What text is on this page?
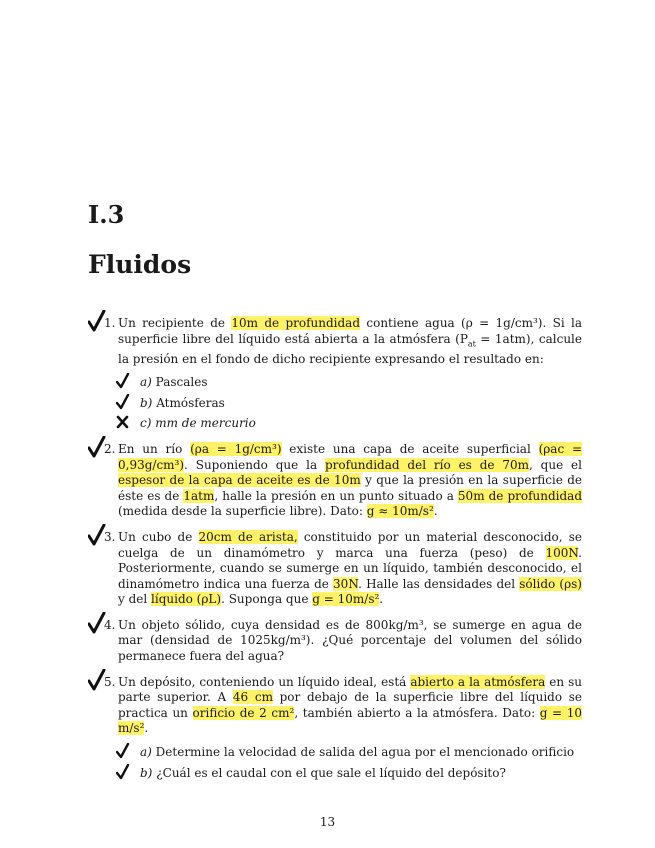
I.3
Fluidos
1. Un recipiente de 10m de profundidad contiene agua (ρ = 1g/cm³). Si la superficie libre del líquido está abierta a la atmósfera $(P_{at} = 1atm)$, calcule la presión en el fondo de dicho recipiente expresando el resultado en:
a) Pascales
b) Atmósferas
c) mm de mercurio
2. En un río (ρa = 1g/cm³) existe una capa de aceite superficial (ρac = 0,93g/cm³). Suponiendo que la profundidad del río es de 70m, que el espesor de la capa de aceite es de 10m y que la presión en la superficie de éste es de 1atm, halle la presión en un punto situado a 50m de profundidad (medida desde la superficie libre). Dato: g ≈ 10m/s².
3. Un cubo de 20cm de arista, constituido por un material desconocido, se cuelga de un dinamómetro y marca una fuerza (peso) de 100N. Posteriormente, cuando se sumerge en un líquido, también desconocido, el dinamómetro indica una fuerza de 30N. Halle las densidades del sólido (ρs) y del líquido (ρL). Suponga que g = 10m/s².
4. Un objeto sólido, cuya densidad es de 800kg/m³, se sumerge en agua de mar (densidad de 1025kg/m³). ¿Qué porcentaje del volumen del sólido permanece fuera del agua?
5. Un depósito, conteniendo un líquido ideal, está abierto a la atmósfera en su parte superior. A 46 cm por debajo de la superficie libre del líquido se practica un orificio de 2 cm², también abierto a la atmósfera. Dato: g = 10 m/s².
a) Determine la velocidad de salida del agua por el mencionado orificio
b) ¿Cuál es el caudal con el que sale el líquido del depósito?
13
